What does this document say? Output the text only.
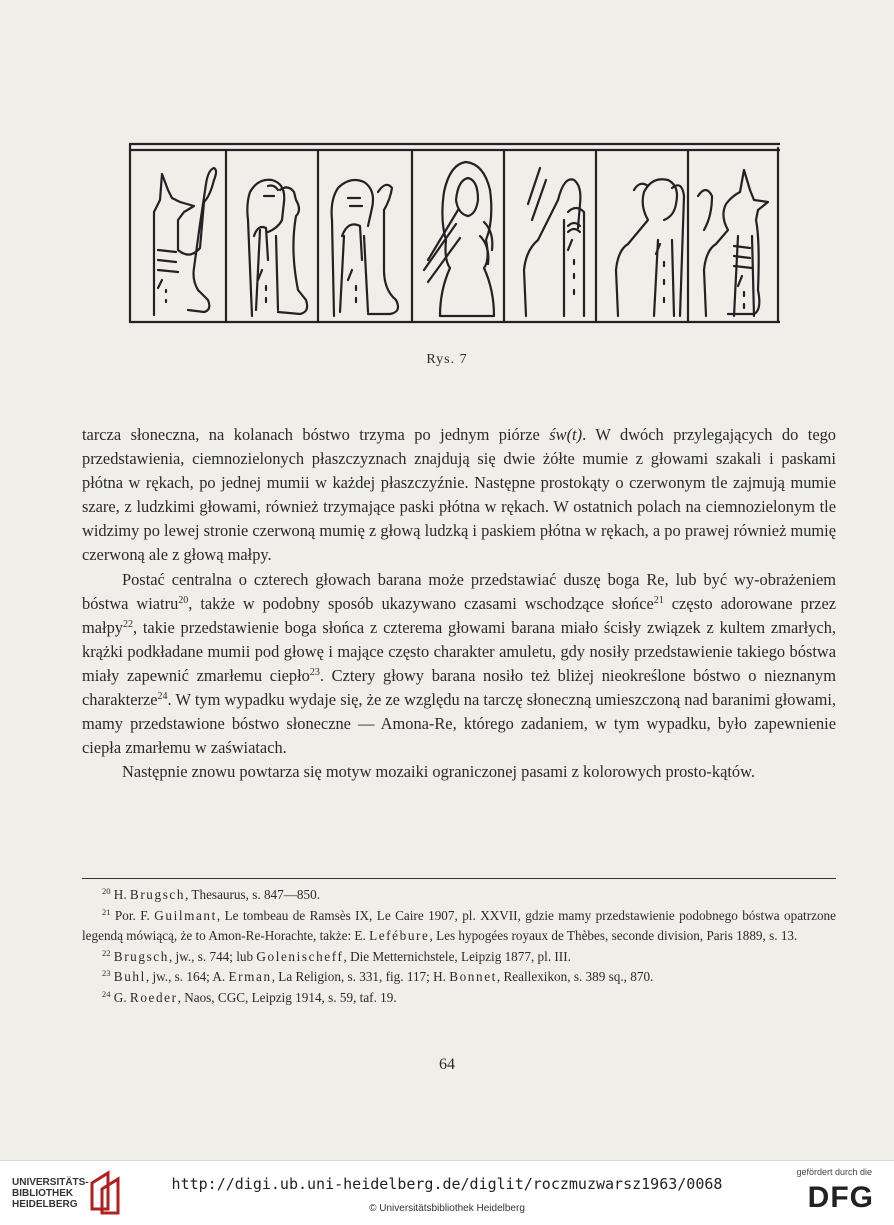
Rys. 7

tarcza słoneczna, na kolanach bóstwo trzyma po jednym piórze św(t). W dwóch przylegających do tego przedstawienia, ciemnozielonych płaszczyznach znajdują się dwie żółte mumie z głowami szakali i paskami płótna w rękach, po jednej mumii w każdej płaszczyźnie. Następne prostokąty o czerwonym tle zajmują mumie szare, z ludzkimi głowami, również trzymające paski płótna w rękach. W ostatnich polach na ciemnozielonym tle widzimy po lewej stronie czerwoną mumię z głową ludzką i paskiem płótna w rękach, a po prawej również mumię czerwoną ale z głową małpy.

Postać centralna o czterech głowach barana może przedstawiać duszę boga Re, lub być wy-obrażeniem bóstwa wiatru$^{20}$, także w podobny sposób ukazywano czasami wschodzące słońce$^{21}$ często adorowane przez małpy$^{22}$, takie przedstawienie boga słońca z czterema głowami barana miało ścisły związek z kultem zmarłych, krążki podkładane mumii pod głowę i mające często charakter amuletu, gdy nosiły przedstawienie takiego bóstwa miały zapewnić zmarłemu ciepło$^{23}$. Cztery głowy barana nosiło też bliżej nieokreślone bóstwo o nieznanym charakterze$^{24}$. W tym wypadku wydaje się, że ze względu na tarczę słoneczną umieszczoną nad baranimi głowami, mamy przedstawione bóstwo słoneczne — Amona-Re, którego zadaniem, w tym wypadku, było zapewnienie ciepła zmarłemu w zaświatach.

Następnie znowu powtarza się motyw mozaiki ograniczonej pasami z kolorowych prosto-kątów.

$^{20}$ H. Brugsch, Thesaurus, s. 847—850.

$^{21}$ Por. F. Guilmant, Le tombeau de Ramsès IX, Le Caire 1907, pl. XXVII, gdzie mamy przedstawienie podobnego bóstwa opatrzone legendą mówiącą, że to Amon-Re-Horachte, także: E. Lefébure, Les hypogées royaux de Thèbes, seconde division, Paris 1889, s. 13.

$^{22}$ Brugsch, jw., s. 744; lub Golenischeff, Die Metternichstele, Leipzig 1877, pl. III.

$^{23}$ Buhl, jw., s. 164; A. Erman, La Religion, s. 331, fig. 117; H. Bonnet, Reallexikon, s. 389 sq., 870.

$^{24}$ G. Roeder, Naos, CGC, Leipzig 1914, s. 59, taf. 19.

64
UNIVERSITÄTS-
BIBLIOTHEK
HEIDELBERG
http://digi.ub.uni-heidelberg.de/diglit/roczmuzwarsz1963/0068
© Universitätsbibliothek Heidelberg
gefördert durch die
DFG
